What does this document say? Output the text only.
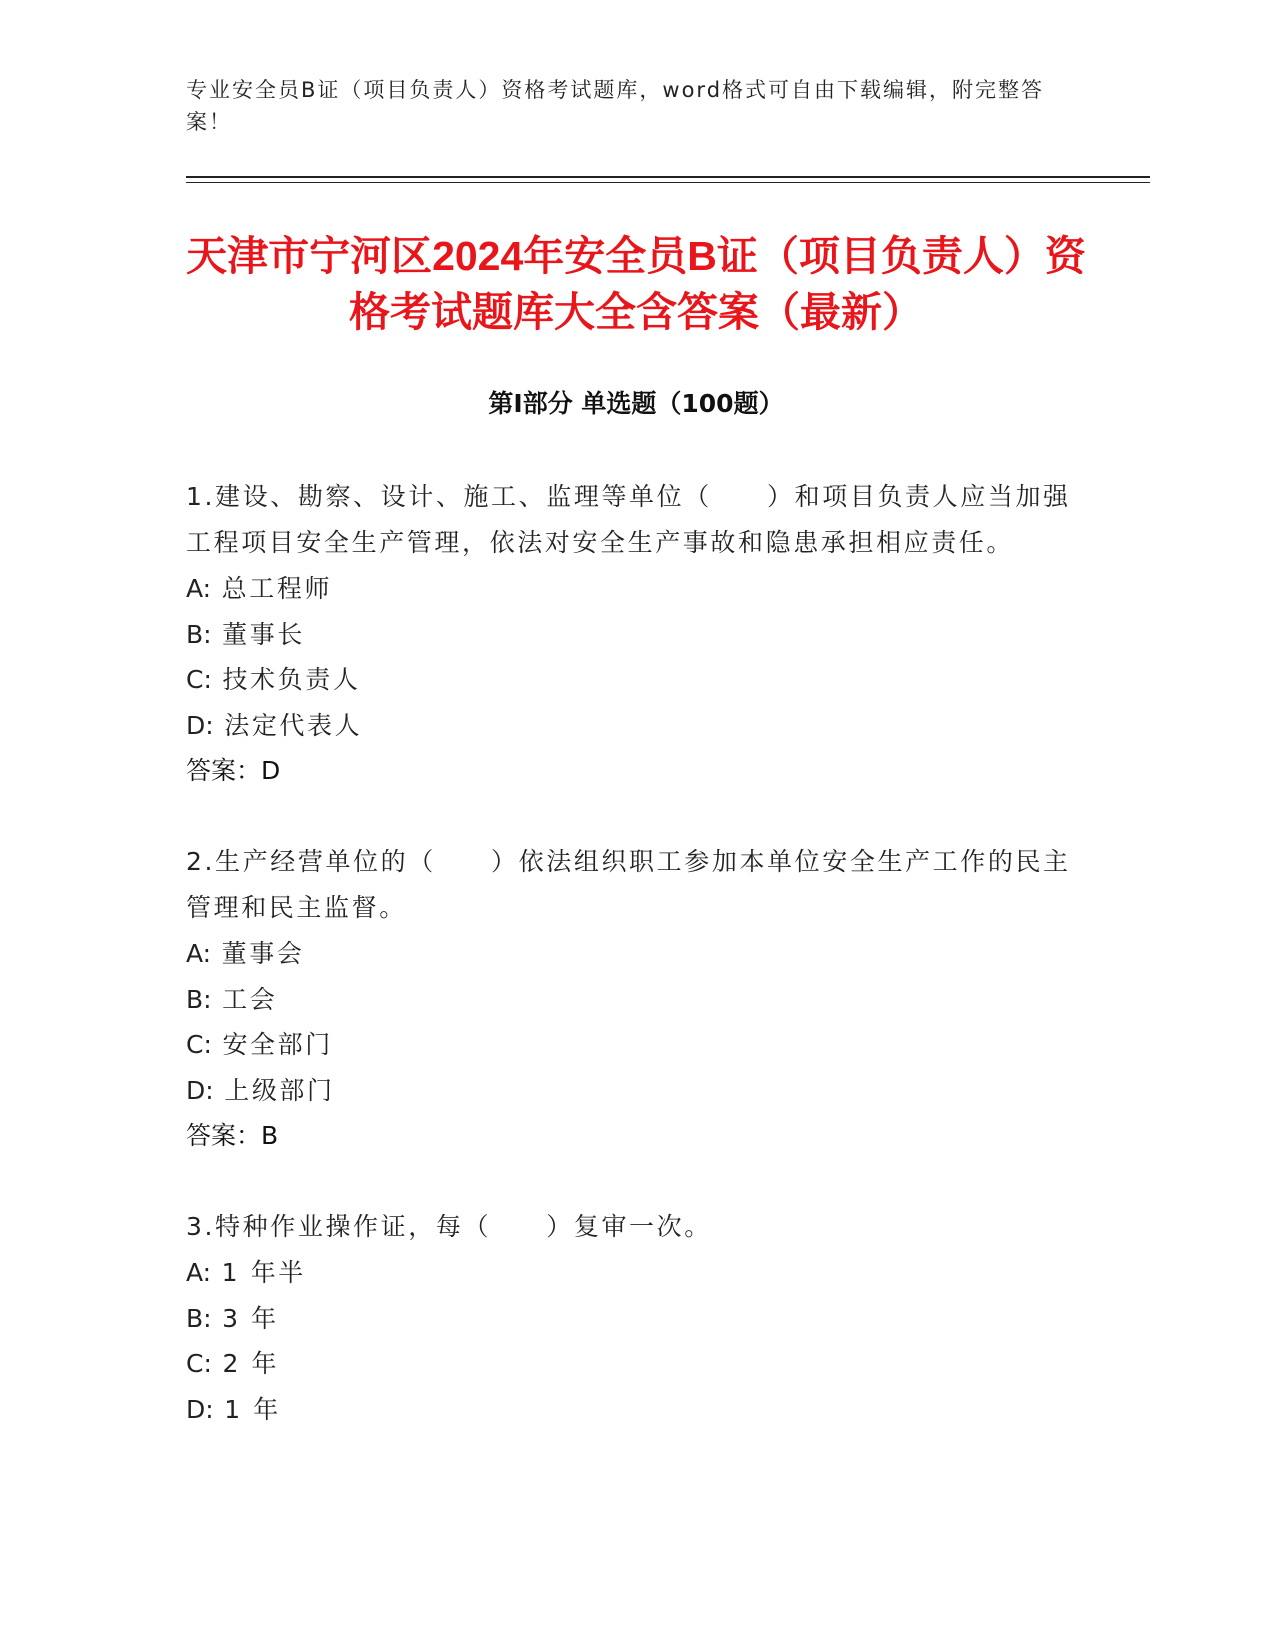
专业安全员B证（项目负责人）资格考试题库，word格式可自由下载编辑，附完整答案！
天津市宁河区2024年安全员B证（项目负责人）资格考试题库大全含答案（最新）
第Ⅰ部分 单选题（100题）
1.建设、勘察、设计、施工、监理等单位（　　）和项目负责人应当加强工程项目安全生产管理，依法对安全生产事故和隐患承担相应责任。
A: 总工程师
B: 董事长
C: 技术负责人
D: 法定代表人
答案：D
2.生产经营单位的（　　）依法组织职工参加本单位安全生产工作的民主管理和民主监督。
A: 董事会
B: 工会
C: 安全部门
D: 上级部门
答案：B
3.特种作业操作证，每（　　）复审一次。
A: 1 年半
B: 3 年
C: 2 年
D: 1 年
